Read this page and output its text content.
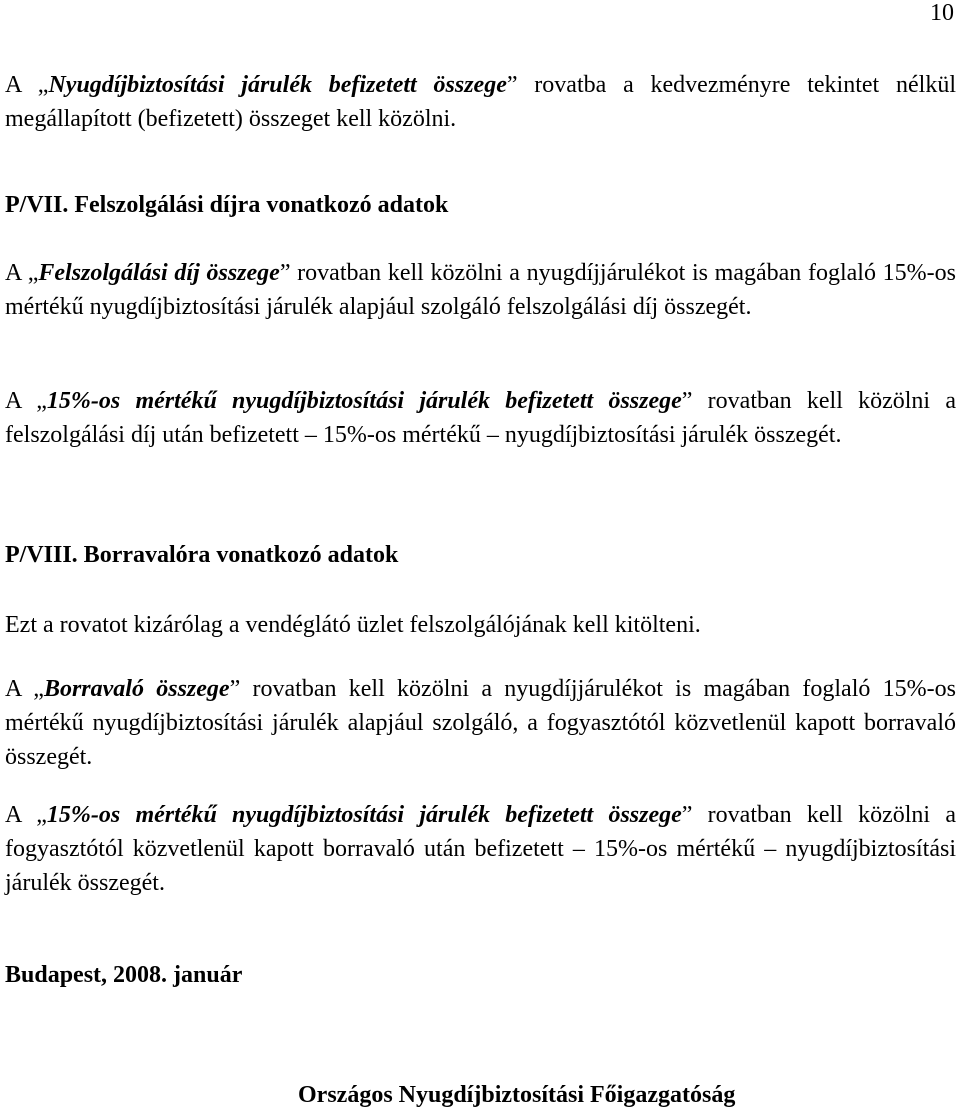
10

A „Nyugdíjbiztosítási járulék befizetett összege” rovatba a kedvezményre tekintet nélkül megállapított (befizetett) összeget kell közölni.

P/VII. Felszolgálási díjra vonatkozó adatok

A „Felszolgálási díj összege” rovatban kell közölni a nyugdíjjárulékot is magában foglaló 15%-os mértékű nyugdíjbiztosítási járulék alapjául szolgáló felszolgálási díj összegét.

A „15%-os mértékű nyugdíjbiztosítási járulék befizetett összege” rovatban kell közölni a felszolgálási díj után befizetett – 15%-os mértékű – nyugdíjbiztosítási járulék összegét.

P/VIII. Borravalóra vonatkozó adatok

Ezt a rovatot kizárólag a vendéglátó üzlet felszolgálójának kell kitölteni.

A „Borravaló összege” rovatban kell közölni a nyugdíjjárulékot is magában foglaló 15%-os mértékű nyugdíjbiztosítási járulék alapjául szolgáló, a fogyasztótól közvetlenül kapott borravaló összegét.

A „15%-os mértékű nyugdíjbiztosítási járulék befizetett összege” rovatban kell közölni a fogyasztótól közvetlenül kapott borravaló után befizetett – 15%-os mértékű – nyugdíjbiztosítási járulék összegét.

Budapest, 2008. január

Országos Nyugdíjbiztosítási Főigazgatóság
